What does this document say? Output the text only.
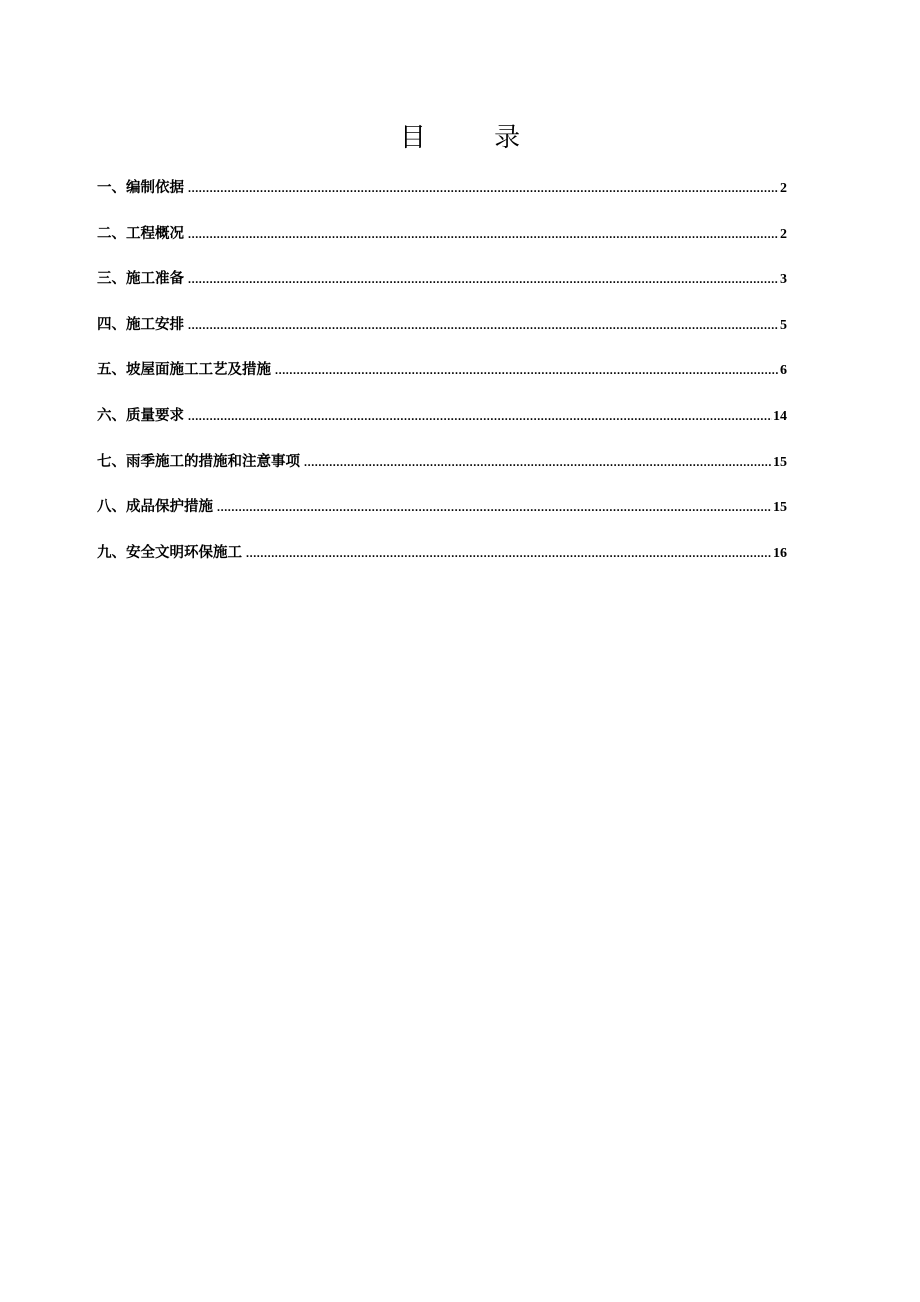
目 录
一、编制依据 .....	2
二、工程概况 .....	2
三、施工准备 .....	3
四、施工安排 .....	5
五、坡屋面施工工艺及措施 .....	6
六、质量要求 .....	14
七、雨季施工的措施和注意事项 .....	15
八、成品保护措施 .....	15
九、安全文明环保施工 .....	16
